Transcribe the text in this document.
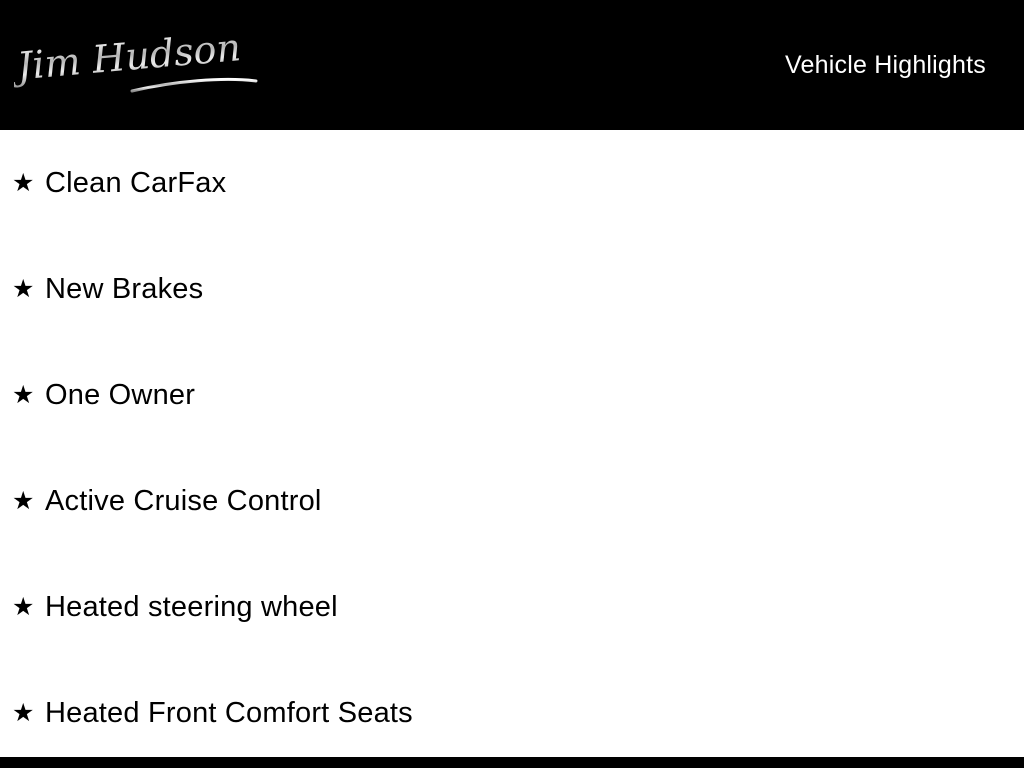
Jim Hudson	Vehicle Highlights
★ Clean CarFax
★ New Brakes
★ One Owner
★ Active Cruise Control
★ Heated steering wheel
★ Heated Front Comfort Seats
